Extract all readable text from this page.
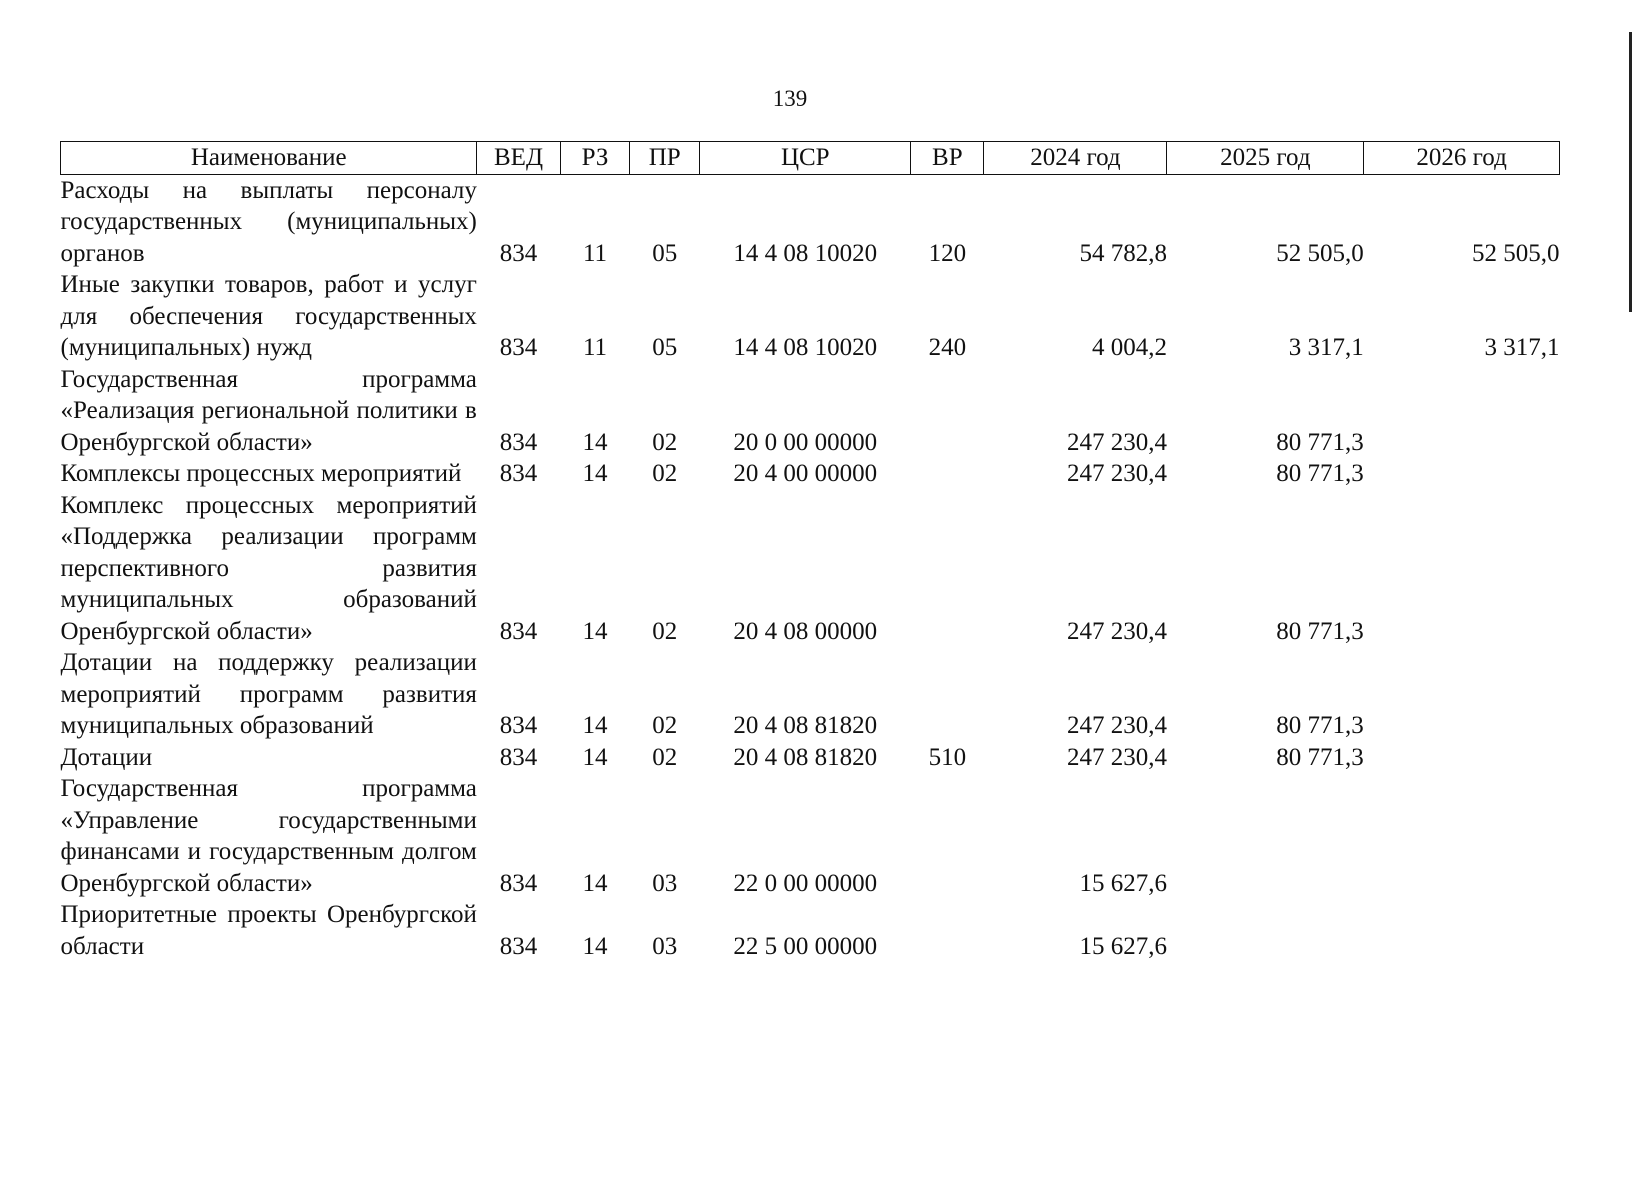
139
Наименование	ВЕД	РЗ	ПР	ЦСР	ВР	2024 год	2025 год	2026 год
Расходы на выплаты персоналу государственных (муниципальных) органов	834	11	05	14 4 08 10020	120	54 782,8	52 505,0	52 505,0
Иные закупки товаров, работ и услуг для обеспечения государственных (муниципальных) нужд	834	11	05	14 4 08 10020	240	4 004,2	3 317,1	3 317,1
Государственная программа «Реализация региональной политики в Оренбургской области»	834	14	02	20 0 00 00000		247 230,4	80 771,3	
Комплексы процессных мероприятий	834	14	02	20 4 00 00000		247 230,4	80 771,3	
Комплекс процессных мероприятий «Поддержка реализации программ перспективного развития муниципальных образований Оренбургской области»	834	14	02	20 4 08 00000		247 230,4	80 771,3	
Дотации на поддержку реализации мероприятий программ развития муниципальных образований	834	14	02	20 4 08 81820		247 230,4	80 771,3	
Дотации	834	14	02	20 4 08 81820	510	247 230,4	80 771,3	
Государственная программа «Управление государственными финансами и государственным долгом Оренбургской области»	834	14	03	22 0 00 00000		15 627,6		
Приоритетные проекты Оренбургской области	834	14	03	22 5 00 00000		15 627,6		
